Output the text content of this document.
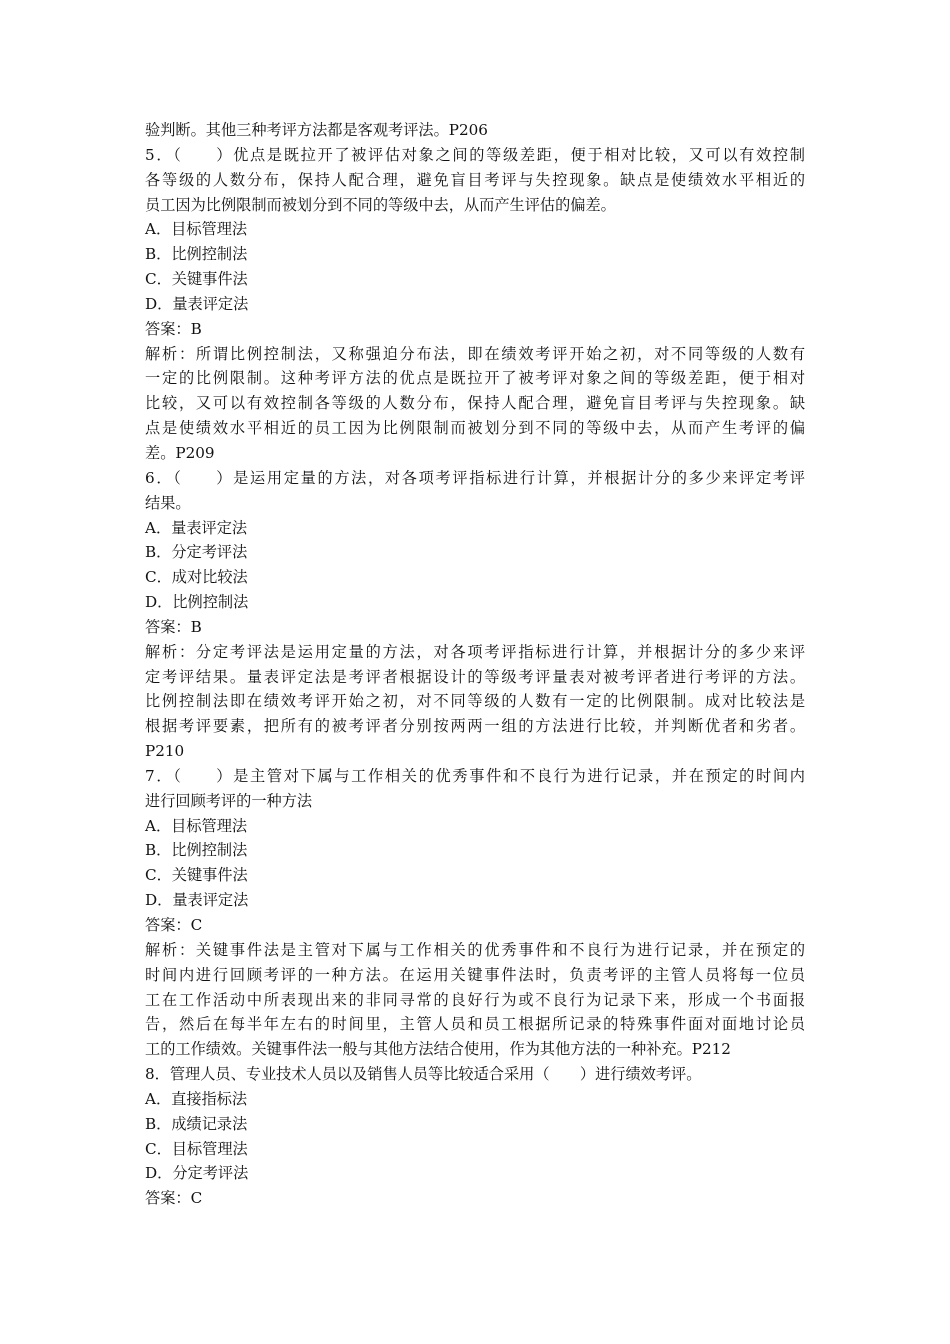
验判断。其他三种考评方法都是客观考评法。P206
5．（　　）优点是既拉开了被评估对象之间的等级差距，便于相对比较，又可以有效控制
各等级的人数分布，保持人配合理，避免盲目考评与失控现象。缺点是使绩效水平相近的
员工因为比例限制而被划分到不同的等级中去，从而产生评估的偏差。
A．目标管理法
B．比例控制法
C．关键事件法
D．量表评定法
答案：B
解析：所谓比例控制法，又称强迫分布法，即在绩效考评开始之初，对不同等级的人数有
一定的比例限制。这种考评方法的优点是既拉开了被考评对象之间的等级差距，便于相对
比较，又可以有效控制各等级的人数分布，保持人配合理，避免盲目考评与失控现象。缺
点是使绩效水平相近的员工因为比例限制而被划分到不同的等级中去，从而产生考评的偏
差。P209
6．（　　）是运用定量的方法，对各项考评指标进行计算，并根据计分的多少来评定考评
结果。
A．量表评定法
B．分定考评法
C．成对比较法
D．比例控制法
答案：B
解析：分定考评法是运用定量的方法，对各项考评指标进行计算，并根据计分的多少来评
定考评结果。量表评定法是考评者根据设计的等级考评量表对被考评者进行考评的方法。
比例控制法即在绩效考评开始之初，对不同等级的人数有一定的比例限制。成对比较法是
根据考评要素，把所有的被考评者分别按两两一组的方法进行比较，并判断优者和劣者。
P210
7．（　　）是主管对下属与工作相关的优秀事件和不良行为进行记录，并在预定的时间内
进行回顾考评的一种方法
A．目标管理法
B．比例控制法
C．关键事件法
D．量表评定法
答案：C
解析：关键事件法是主管对下属与工作相关的优秀事件和不良行为进行记录，并在预定的
时间内进行回顾考评的一种方法。在运用关键事件法时，负责考评的主管人员将每一位员
工在工作活动中所表现出来的非同寻常的良好行为或不良行为记录下来，形成一个书面报
告，然后在每半年左右的时间里，主管人员和员工根据所记录的特殊事件面对面地讨论员
工的工作绩效。关键事件法一般与其他方法结合使用，作为其他方法的一种补充。P212
8．管理人员、专业技术人员以及销售人员等比较适合采用（　　）进行绩效考评。
A．直接指标法
B．成绩记录法
C．目标管理法
D．分定考评法
答案：C
